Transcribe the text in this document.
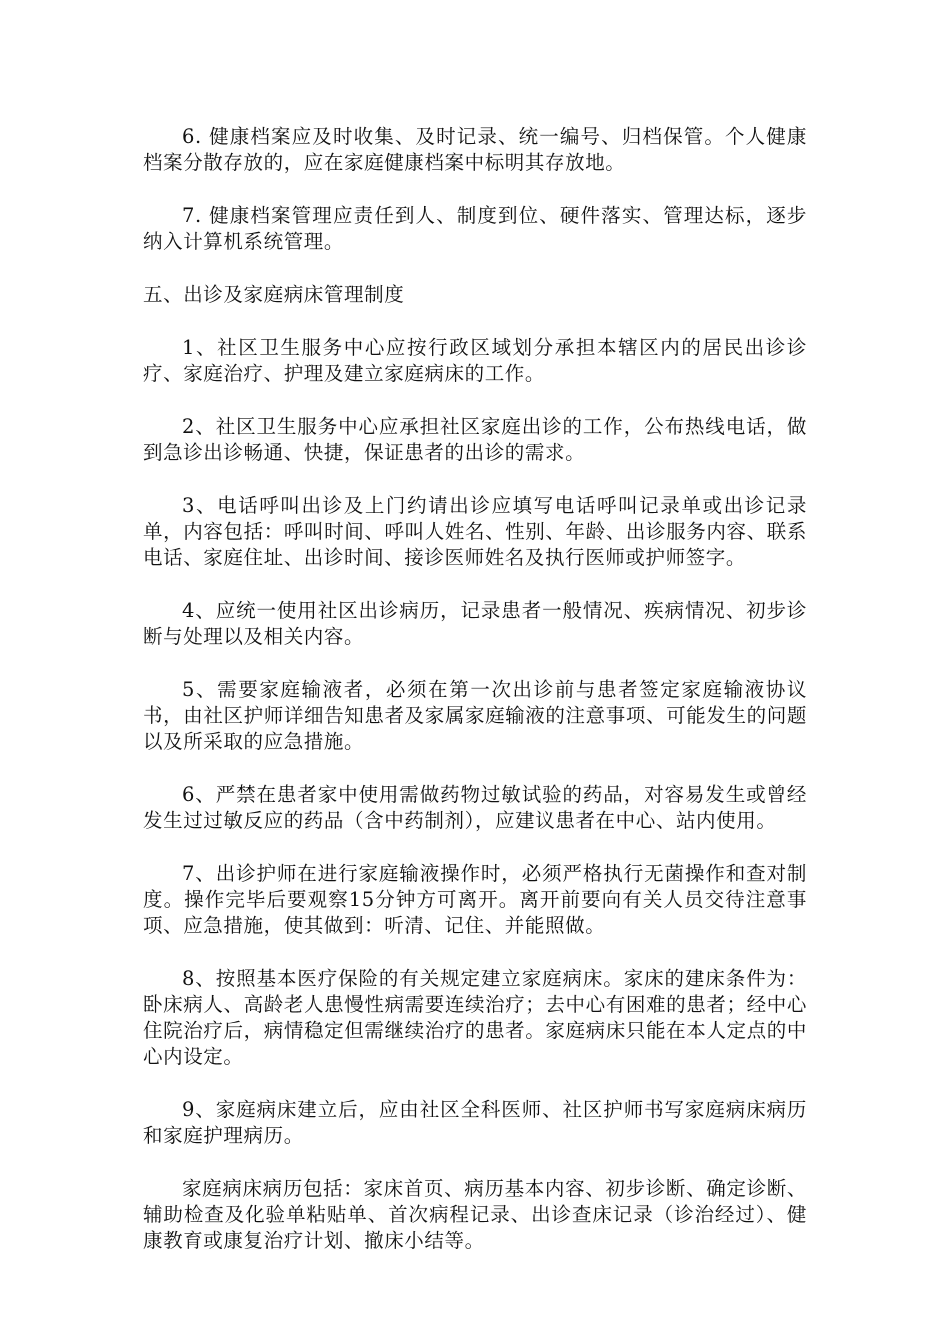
6. 健康档案应及时收集、及时记录、统一编号、归档保管。个人健康档案分散存放的，应在家庭健康档案中标明其存放地。

7. 健康档案管理应责任到人、制度到位、硬件落实、管理达标，逐步纳入计算机系统管理。

五、出诊及家庭病床管理制度

1、社区卫生服务中心应按行政区域划分承担本辖区内的居民出诊诊疗、家庭治疗、护理及建立家庭病床的工作。

2、社区卫生服务中心应承担社区家庭出诊的工作，公布热线电话，做到急诊出诊畅通、快捷，保证患者的出诊的需求。

3、电话呼叫出诊及上门约请出诊应填写电话呼叫记录单或出诊记录单，内容包括：呼叫时间、呼叫人姓名、性别、年龄、出诊服务内容、联系电话、家庭住址、出诊时间、接诊医师姓名及执行医师或护师签字。

4、应统一使用社区出诊病历，记录患者一般情况、疾病情况、初步诊断与处理以及相关内容。

5、需要家庭输液者，必须在第一次出诊前与患者签定家庭输液协议书，由社区护师详细告知患者及家属家庭输液的注意事项、可能发生的问题以及所采取的应急措施。

6、严禁在患者家中使用需做药物过敏试验的药品，对容易发生或曾经发生过过敏反应的药品（含中药制剂），应建议患者在中心、站内使用。

7、出诊护师在进行家庭输液操作时，必须严格执行无菌操作和查对制度。操作完毕后要观察15分钟方可离开。离开前要向有关人员交待注意事项、应急措施，使其做到：听清、记住、并能照做。

8、按照基本医疗保险的有关规定建立家庭病床。家床的建床条件为：卧床病人、高龄老人患慢性病需要连续治疗；去中心有困难的患者；经中心住院治疗后，病情稳定但需继续治疗的患者。家庭病床只能在本人定点的中心内设定。

9、家庭病床建立后，应由社区全科医师、社区护师书写家庭病床病历和家庭护理病历。

家庭病床病历包括：家床首页、病历基本内容、初步诊断、确定诊断、辅助检查及化验单粘贴单、首次病程记录、出诊查床记录（诊治经过）、健康教育或康复治疗计划、撤床小结等。
